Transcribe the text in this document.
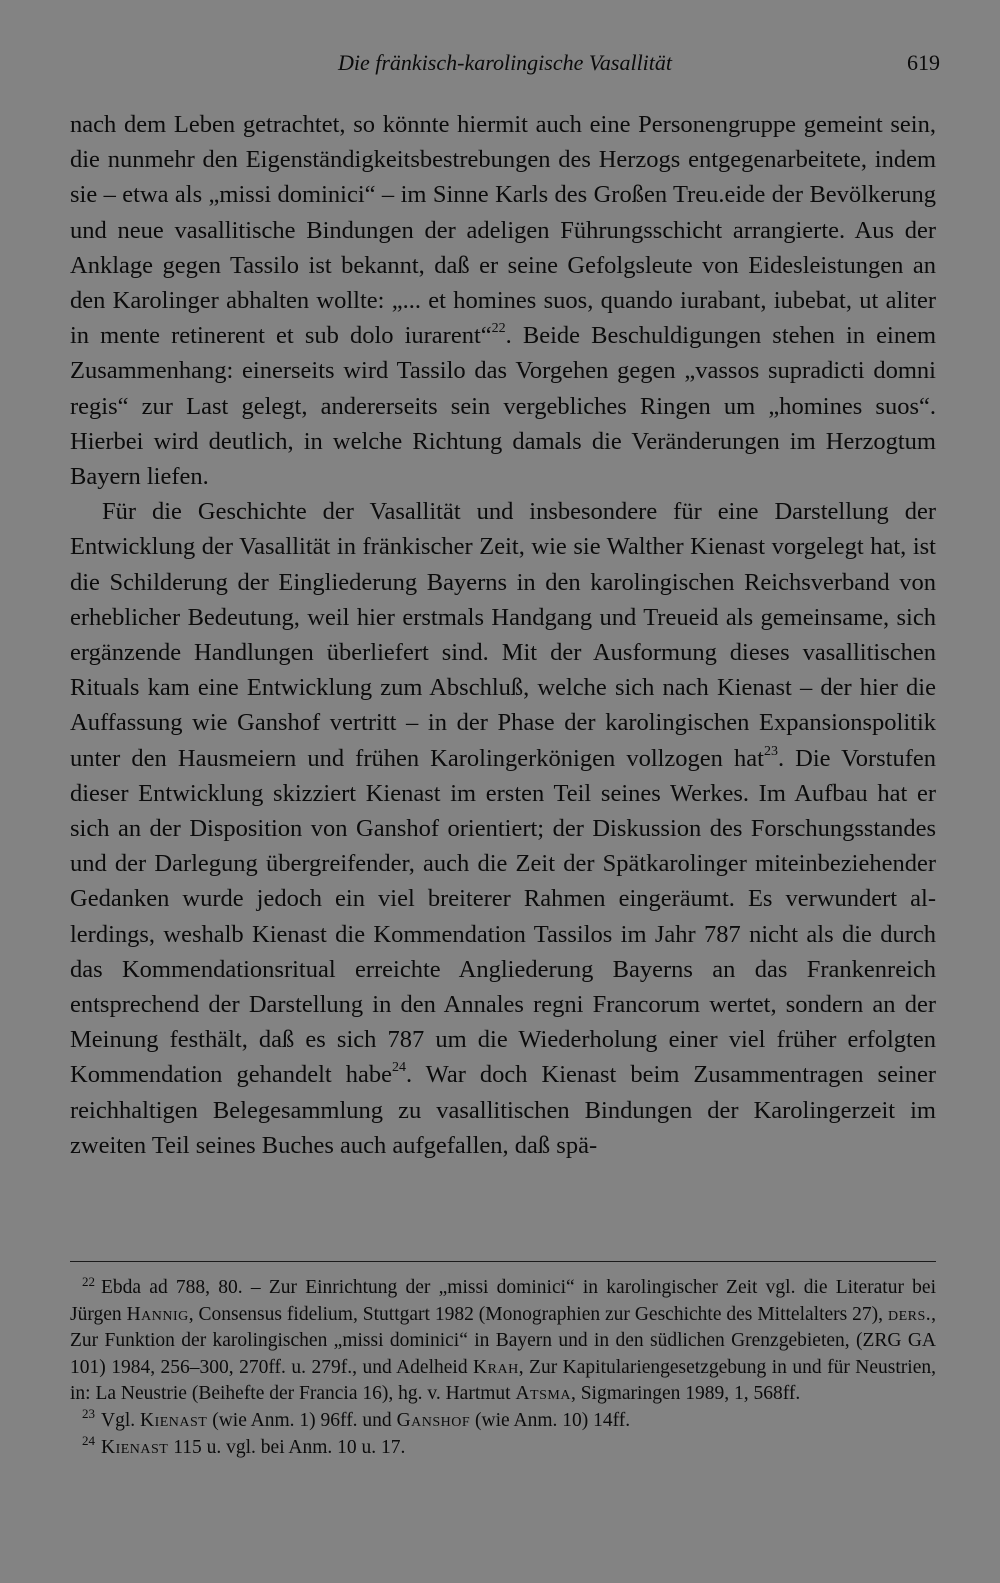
Die fränkisch-karolingische Vasallität	619

nach dem Leben getrachtet, so könnte hiermit auch eine Personengruppe gemeint sein, die nunmehr den Eigenständigkeitsbestrebungen des Herzogs entgegenarbeitete, indem sie – etwa als „missi dominici“ – im Sinne Karls des Großen Treu.eide der Bevölkerung und neue vasallitische Bindungen der adeligen Führungsschicht arrangierte. Aus der Anklage gegen Tassilo ist bekannt, daß er seine Gefolgsleute von Eidesleistungen an den Karolinger abhalten wollte: „... et homines suos, quando iurabant, iubebat, ut aliter in mente retinerent et sub dolo iurarent“$^{22}$. Beide Beschuldigungen stehen in einem Zusammenhang: einerseits wird Tassilo das Vorgehen gegen „vassos supradicti domni regis“ zur Last gelegt, andererseits sein vergebliches Ringen um „homines suos“. Hierbei wird deutlich, in welche Richtung damals die Veränderungen im Herzogtum Bayern liefen.

Für die Geschichte der Vasallität und insbesondere für eine Darstellung der Entwicklung der Vasallität in fränkischer Zeit, wie sie Walther Kienast vorgelegt hat, ist die Schilderung der Eingliederung Bayerns in den karolingischen Reichsverband von erheblicher Bedeutung, weil hier erstmals Handgang und Treueid als gemeinsame, sich ergänzende Handlungen überliefert sind. Mit der Ausformung dieses vasallitischen Rituals kam eine Entwicklung zum Abschluß, welche sich nach Kienast – der hier die Auffassung wie Ganshof vertritt – in der Phase der karolingischen Expansionspolitik unter den Hausmeiern und frühen Karolingerkönigen vollzogen hat$^{23}$. Die Vorstufen dieser Entwicklung skizziert Kienast im ersten Teil seines Werkes. Im Aufbau hat er sich an der Disposition von Ganshof orientiert; der Diskussion des Forschungsstandes und der Darlegung übergreifender, auch die Zeit der Spätkarolinger miteinbeziehender Gedanken wurde jedoch ein viel breiterer Rahmen eingeräumt. Es verwundert allerdings, weshalb Kienast die Kommendation Tassilos im Jahr 787 nicht als die durch das Kommendationsritual erreichte Angliederung Bayerns an das Frankenreich entsprechend der Darstellung in den Annales regni Francorum wertet, sondern an der Meinung festhält, daß es sich 787 um die Wiederholung einer viel früher erfolgten Kommendation gehandelt habe$^{24}$. War doch Kienast beim Zusammentragen seiner reichhaltigen Belegesammlung zu vasallitischen Bindungen der Karolingerzeit im zweiten Teil seines Buches auch aufgefallen, daß spä-

$^{22}$ Ebda ad 788, 80. – Zur Einrichtung der „missi dominici“ in karolingischer Zeit vgl. die Literatur bei Jürgen Hannig, Consensus fidelium, Stuttgart 1982 (Monographien zur Geschichte des Mittelalters 27), ders., Zur Funktion der karolingischen „missi dominici“ in Bayern und in den südlichen Grenzgebieten, (ZRG GA 101) 1984, 256–300, 270ff. u. 279f., und Adelheid Krah, Zur Kapitulariengesetzgebung in und für Neustrien, in: La Neustrie (Beihefte der Francia 16), hg. v. Hartmut Atsma, Sigmaringen 1989, 1, 568ff.

$^{23}$ Vgl. Kienast (wie Anm. 1) 96ff. und Ganshof (wie Anm. 10) 14ff.

$^{24}$ Kienast 115 u. vgl. bei Anm. 10 u. 17.
